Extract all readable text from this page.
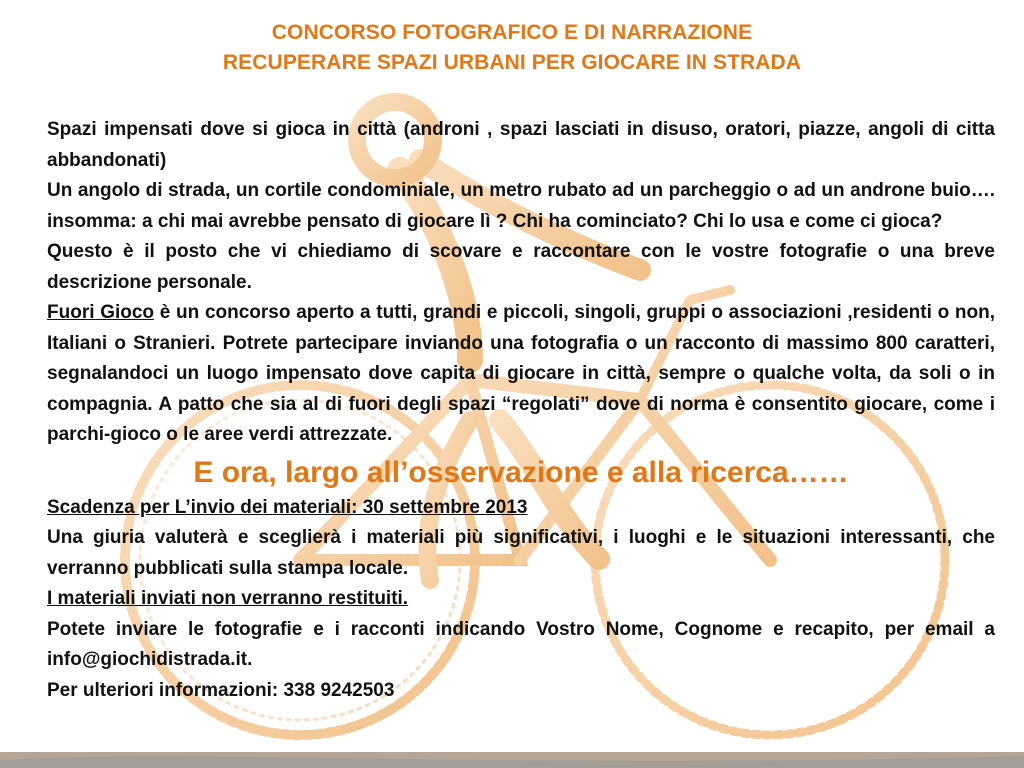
CONCORSO FOTOGRAFICO E DI NARRAZIONE
RECUPERARE SPAZI URBANI PER GIOCARE IN STRADA

Spazi impensati dove si gioca in città (androni , spazi lasciati in disuso, oratori, piazze, angoli di citta abbandonati)

Un angolo di strada, un cortile condominiale, un metro rubato ad un parcheggio o ad un androne buio…. insomma: a chi mai avrebbe pensato di giocare lì ? Chi ha cominciato? Chi lo usa e come ci gioca?

Questo è il posto che vi chiediamo di scovare e raccontare con le vostre fotografie o una breve descrizione personale.

Fuori Gioco è un concorso aperto a tutti, grandi e piccoli, singoli, gruppi o associazioni ,residenti o non, Italiani o Stranieri. Potrete partecipare inviando una fotografia o un racconto di massimo 800 caratteri, segnalandoci un luogo impensato dove capita di giocare in città, sempre o qualche volta, da soli o in compagnia. A patto che sia al di fuori degli spazi “regolati” dove di norma è consentito giocare, come i parchi-gioco o le aree verdi attrezzate.

E ora, largo all’osservazione e alla ricerca……

Scadenza per L’invio dei materiali: 30 settembre 2013

Una giuria valuterà e sceglierà i materiali più significativi, i luoghi e le situazioni interessanti, che verranno pubblicati sulla stampa locale.

I materiali inviati non verranno restituiti.

Potete inviare le fotografie e i racconti indicando Vostro Nome, Cognome e recapito, per email a info@giochidistrada.it.

Per ulteriori informazioni: 338 9242503
